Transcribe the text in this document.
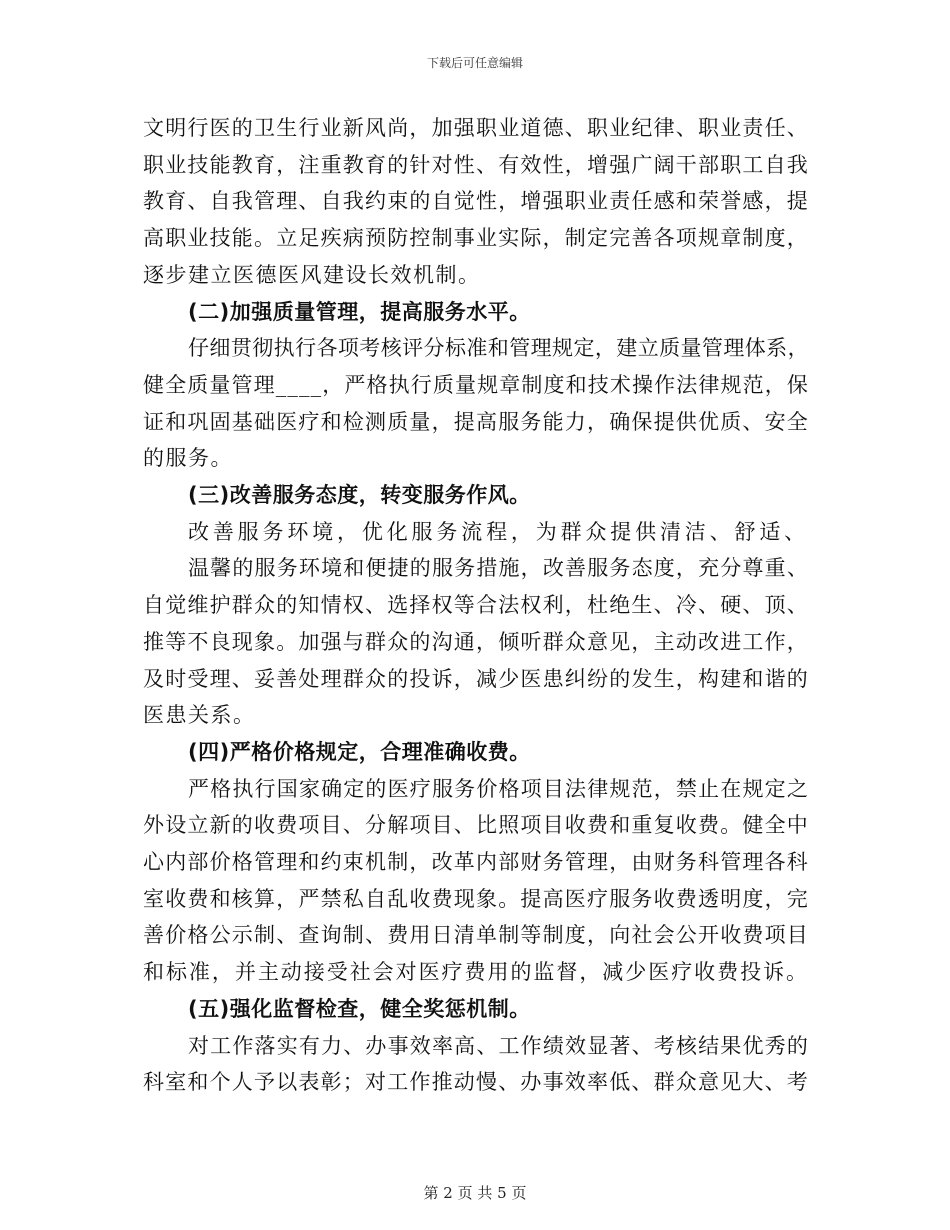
下载后可任意编辑
文明行医的卫生行业新风尚，加强职业道德、职业纪律、职业责任、
职业技能教育，注重教育的针对性、有效性，增强广阔干部职工自我
教育、自我管理、自我约束的自觉性，增强职业责任感和荣誉感，提
高职业技能。立足疾病预防控制事业实际，制定完善各项规章制度，
逐步建立医德医风建设长效机制。
(二)加强质量管理，提高服务水平。
仔细贯彻执行各项考核评分标准和管理规定，建立质量管理体系，
健全质量管理____，严格执行质量规章制度和技术操作法律规范，保
证和巩固基础医疗和检测质量，提高服务能力，确保提供优质、安全
的服务。
(三)改善服务态度，转变服务作风。
改善服务环境，优化服务流程，为群众提供清洁、舒适、
温馨的服务环境和便捷的服务措施，改善服务态度，充分尊重、
自觉维护群众的知情权、选择权等合法权利，杜绝生、冷、硬、顶、
推等不良现象。加强与群众的沟通，倾听群众意见，主动改进工作，
及时受理、妥善处理群众的投诉，减少医患纠纷的发生，构建和谐的
医患关系。
(四)严格价格规定，合理准确收费。
严格执行国家确定的医疗服务价格项目法律规范，禁止在规定之
外设立新的收费项目、分解项目、比照项目收费和重复收费。健全中
心内部价格管理和约束机制，改革内部财务管理，由财务科管理各科
室收费和核算，严禁私自乱收费现象。提高医疗服务收费透明度，完
善价格公示制、查询制、费用日清单制等制度，向社会公开收费项目
和标准，并主动接受社会对医疗费用的监督，减少医疗收费投诉。
(五)强化监督检查，健全奖惩机制。
对工作落实有力、办事效率高、工作绩效显著、考核结果优秀的
科室和个人予以表彰；对工作推动慢、办事效率低、群众意见大、考
第 2 页 共 5 页
